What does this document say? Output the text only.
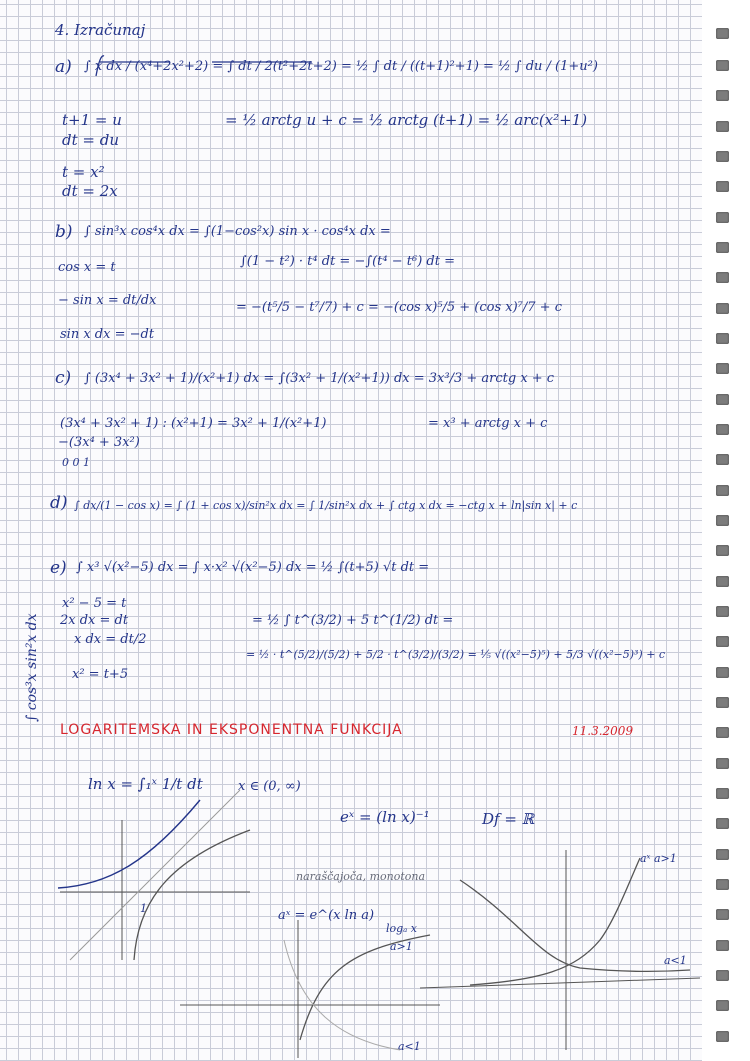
4. Izračunaj
a) ∫ x dx / (x⁴+2x²+2) = ∫ dt / 2(t²+2t+2) = ½ ∫ dt / ((t+1)²+1) = ½ ∫ du / (1+u²)
t+1 = u
dt = du
= ½ arctg u + c = ½ arctg (t+1) = ½ arc(x²+1)
t = x²
dt = 2x
b) ∫ sin³x cos⁴x dx = ∫(1−cos²x) sin x · cos⁴x dx =
cos x = t	∫(1 − t²) · t⁴ dt = −∫(t⁴ − t⁶) dt =
− sin x = dt/dx	= −(t⁵/5 − t⁷/7) + c = −(cos x)⁵/5 + (cos x)⁷/7 + c
sin x dx = −dt
c) ∫ (3x⁴ + 3x² + 1)/(x²+1) dx = ∫(3x² + 1/(x²+1)) dx = 3x³/3 + arctg x + c
(3x⁴ + 3x² + 1) : (x²+1) = 3x² + 1/(x²+1)	= x³ + arctg x + c
−(3x⁴ + 3x²)
0 0 1
d) ∫ dx/(1 − cos x) = ∫ (1 + cos x)/sin²x dx = ∫ 1/sin²x dx + ∫ ctg x dx = −ctg x + ln|sin x| + c
e) ∫ x³ √(x²−5) dx = ∫ x·x² √(x²−5) dx = ½ ∫(t+5) √t dt =
x² − 5 = t
2x dx = dt	= ½ ∫ t^(3/2) + 5 t^(1/2) dt =
x dx = dt/2
= ½ · t^(5/2)/(5/2) + 5/2 · t^(3/2)/(3/2) = ⅕ √((x²−5)⁵) + 5/3 √((x²−5)³) + c
x² = t+5
∫ cos³x sin²x dx
LOGARITEMSKA IN EKSPONENTNA FUNKCIJA	11.3.2009
ln x = ∫₁ˣ 1/t dt	x ∈ (0, ∞)
eˣ = (ln x)⁻¹	Df = ℝ
naraščajoča, monotona
aˣ = e^(x ln a)
logₐ x
a>1
aˣ a>1
a<1
a<1
1
